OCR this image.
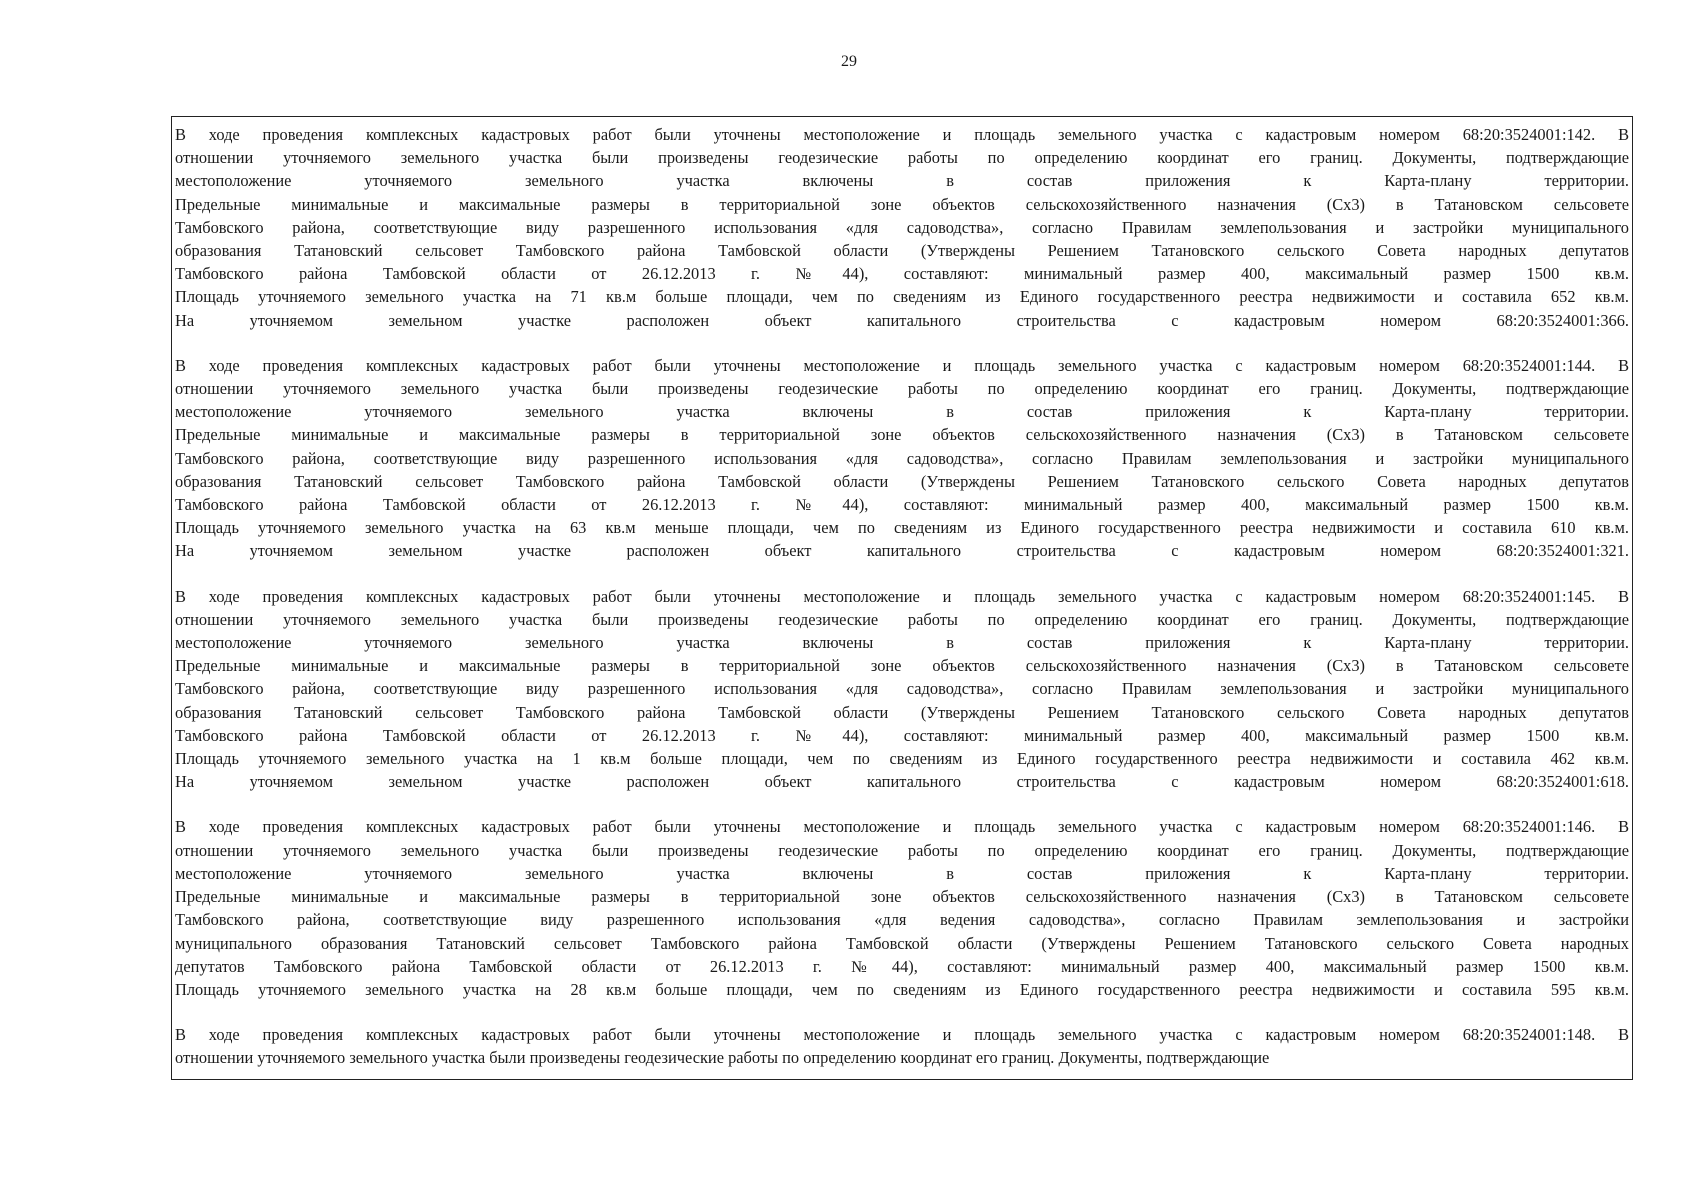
29
В ходе проведения комплексных кадастровых работ были уточнены местоположение и площадь земельного участка с кадастровым номером 68:20:3524001:142. В
отношении уточняемого земельного участка были произведены геодезические работы по определению координат его границ. Документы, подтверждающие
местоположение уточняемого земельного участка включены в состав приложения к Карта-плану территории.
Предельные минимальные и максимальные размеры в территориальной зоне объектов сельскохозяйственного назначения (Сх3) в Татановском сельсовете
Тамбовского района, соответствующие виду разрешенного использования «для садоводства», согласно Правилам землепользования и застройки муниципального
образования Татановский сельсовет Тамбовского района Тамбовской области (Утверждены Решением Татановского сельского Совета народных депутатов
Тамбовского района Тамбовской области от 26.12.2013 г. №44), составляют: минимальный размер 400, максимальный размер 1500 кв.м.
Площадь уточняемого земельного участка на 71 кв.м больше площади, чем по сведениям из Единого государственного реестра недвижимости и составила 652 кв.м.
На уточняемом земельном участке расположен объект капитального строительства с кадастровым номером 68:20:3524001:366.
В ходе проведения комплексных кадастровых работ были уточнены местоположение и площадь земельного участка с кадастровым номером 68:20:3524001:144. В
отношении уточняемого земельного участка были произведены геодезические работы по определению координат его границ. Документы, подтверждающие
местоположение уточняемого земельного участка включены в состав приложения к Карта-плану территории.
Предельные минимальные и максимальные размеры в территориальной зоне объектов сельскохозяйственного назначения (Сх3) в Татановском сельсовете
Тамбовского района, соответствующие виду разрешенного использования «для садоводства», согласно Правилам землепользования и застройки муниципального
образования Татановский сельсовет Тамбовского района Тамбовской области (Утверждены Решением Татановского сельского Совета народных депутатов
Тамбовского района Тамбовской области от 26.12.2013 г. №44), составляют: минимальный размер 400, максимальный размер 1500 кв.м.
Площадь уточняемого земельного участка на 63 кв.м меньше площади, чем по сведениям из Единого государственного реестра недвижимости и составила 610 кв.м.
На уточняемом земельном участке расположен объект капитального строительства с кадастровым номером 68:20:3524001:321.
В ходе проведения комплексных кадастровых работ были уточнены местоположение и площадь земельного участка с кадастровым номером 68:20:3524001:145. В
отношении уточняемого земельного участка были произведены геодезические работы по определению координат его границ. Документы, подтверждающие
местоположение уточняемого земельного участка включены в состав приложения к Карта-плану территории.
Предельные минимальные и максимальные размеры в территориальной зоне объектов сельскохозяйственного назначения (Сх3) в Татановском сельсовете
Тамбовского района, соответствующие виду разрешенного использования «для садоводства», согласно Правилам землепользования и застройки муниципального
образования Татановский сельсовет Тамбовского района Тамбовской области (Утверждены Решением Татановского сельского Совета народных депутатов
Тамбовского района Тамбовской области от 26.12.2013 г. №44), составляют: минимальный размер 400, максимальный размер 1500 кв.м.
Площадь уточняемого земельного участка на 1 кв.м больше площади, чем по сведениям из Единого государственного реестра недвижимости и составила 462 кв.м.
На уточняемом земельном участке расположен объект капитального строительства с кадастровым номером 68:20:3524001:618.
В ходе проведения комплексных кадастровых работ были уточнены местоположение и площадь земельного участка с кадастровым номером 68:20:3524001:146. В
отношении уточняемого земельного участка были произведены геодезические работы по определению координат его границ. Документы, подтверждающие
местоположение уточняемого земельного участка включены в состав приложения к Карта-плану территории.
Предельные минимальные и максимальные размеры в территориальной зоне объектов сельскохозяйственного назначения (Сх3) в Татановском сельсовете
Тамбовского района, соответствующие виду разрешенного использования «для ведения садоводства», согласно Правилам землепользования и застройки
муниципального образования Татановский сельсовет Тамбовского района Тамбовской области (Утверждены Решением Татановского сельского Совета народных
депутатов Тамбовского района Тамбовской области от 26.12.2013 г. №44), составляют: минимальный размер 400, максимальный размер 1500 кв.м.
Площадь уточняемого земельного участка на 28 кв.м больше площади, чем по сведениям из Единого государственного реестра недвижимости и составила 595 кв.м.
В ходе проведения комплексных кадастровых работ были уточнены местоположение и площадь земельного участка с кадастровым номером 68:20:3524001:148. В
отношении уточняемого земельного участка были произведены геодезические работы по определению координат его границ. Документы, подтверждающие
